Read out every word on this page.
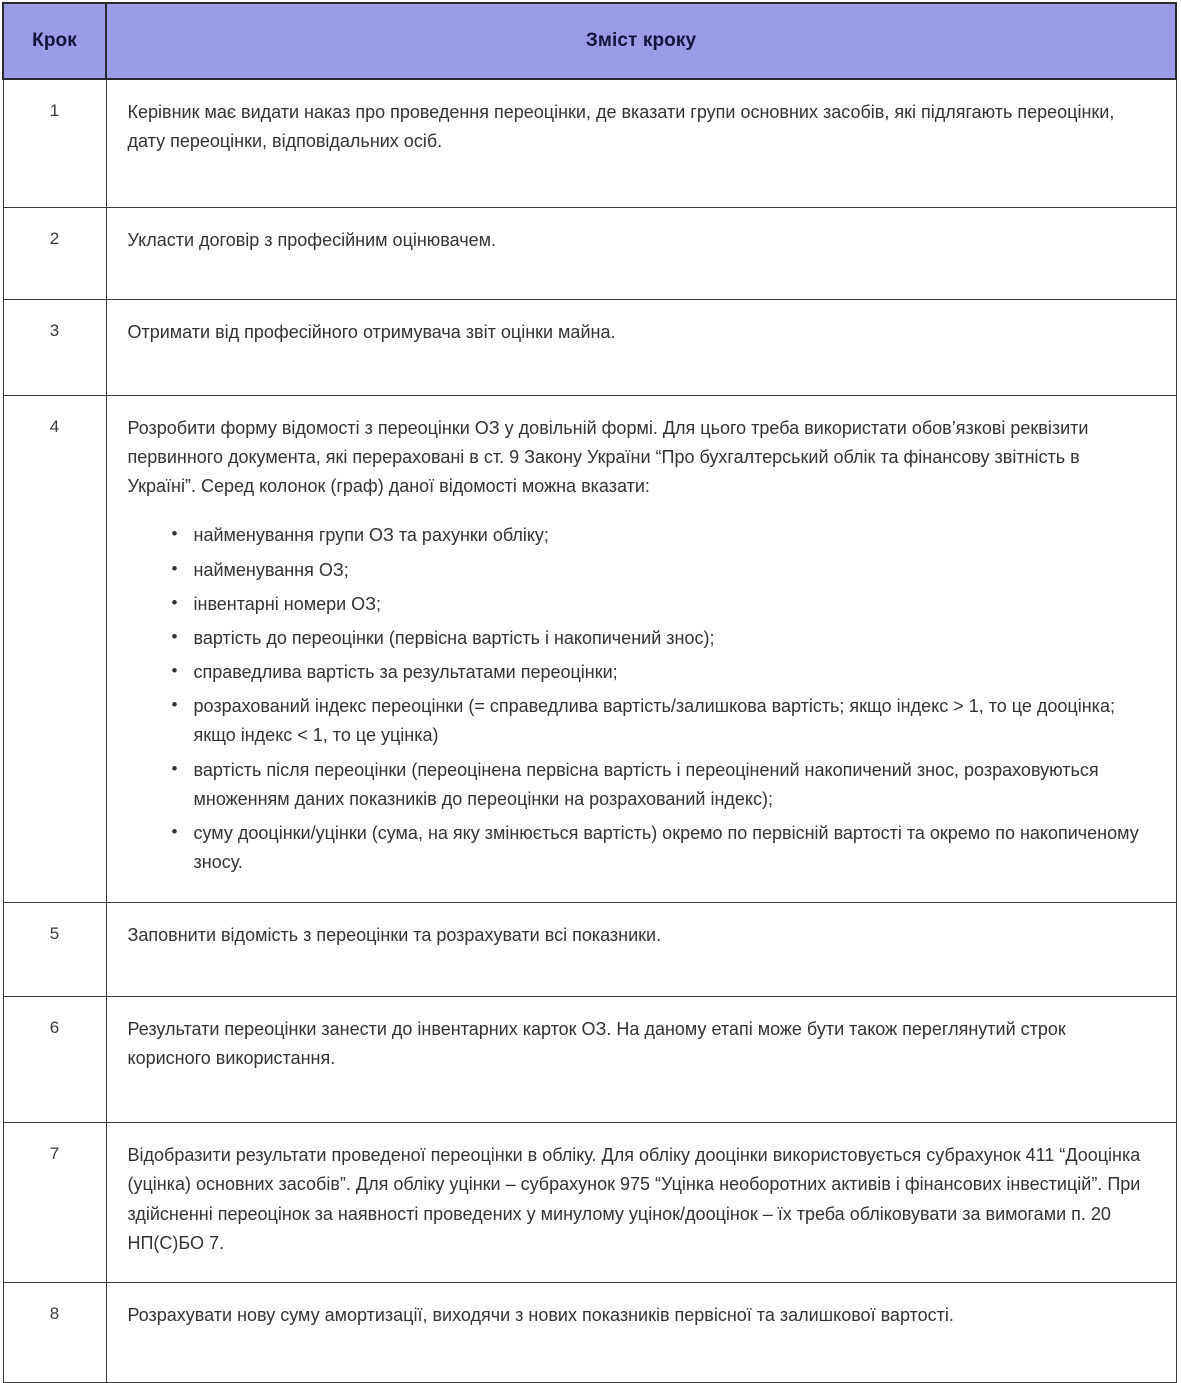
Крок	Зміст кроку
1	Керівник має видати наказ про проведення переоцінки, де вказати групи основних засобів, які підлягають переоцінки, дату переоцінки, відповідальних осіб.

2	Укласти договір з професійним оцінювачем.

3	Отримати від професійного отримувача звіт оцінки майна.

4	Розробити форму відомості з переоцінки ОЗ у довільній формі. Для цього треба використати обов’язкові реквізити первинного документа, які перераховані в ст. 9 Закону України “Про бухгалтерський облік та фінансову звітність в Україні”. Серед колонок (граф) даної відомості можна вказати:

• найменування групи ОЗ та рахунки обліку;
• найменування ОЗ;
• інвентарні номери ОЗ;
• вартість до переоцінки (первісна вартість і накопичений знос);
• справедлива вартість за результатами переоцінки;
• розрахований індекс переоцінки (= справедлива вартість/залишкова вартість; якщо індекс > 1, то це дооцінка; якщо індекс < 1, то це уцінка)
• вартість після переоцінки (переоцінена первісна вартість і переоцінений накопичений знос, розраховуються множенням даних показників до переоцінки на розрахований індекс);
• суму дооцінки/уцінки (сума, на яку змінюється вартість) окремо по первісній вартості та окремо по накопиченому зносу.

5	Заповнити відомість з переоцінки та розрахувати всі показники.

6	Результати переоцінки занести до інвентарних карток ОЗ. На даному етапі може бути також переглянутий строк корисного використання.

7	Відобразити результати проведеної переоцінки в обліку. Для обліку дооцінки використовується субрахунок 411 “Дооцінка (уцінка) основних засобів”. Для обліку уцінки – субрахунок 975 “Уцінка необоротних активів і фінансових інвестицій”. При здійсненні переоцінок за наявності проведених у минулому уцінок/дооцінок – їх треба обліковувати за вимогами п. 20 НП(С)БО 7.

8	Розрахувати нову суму амортизації, виходячи з нових показників первісної та залишкової вартості.
